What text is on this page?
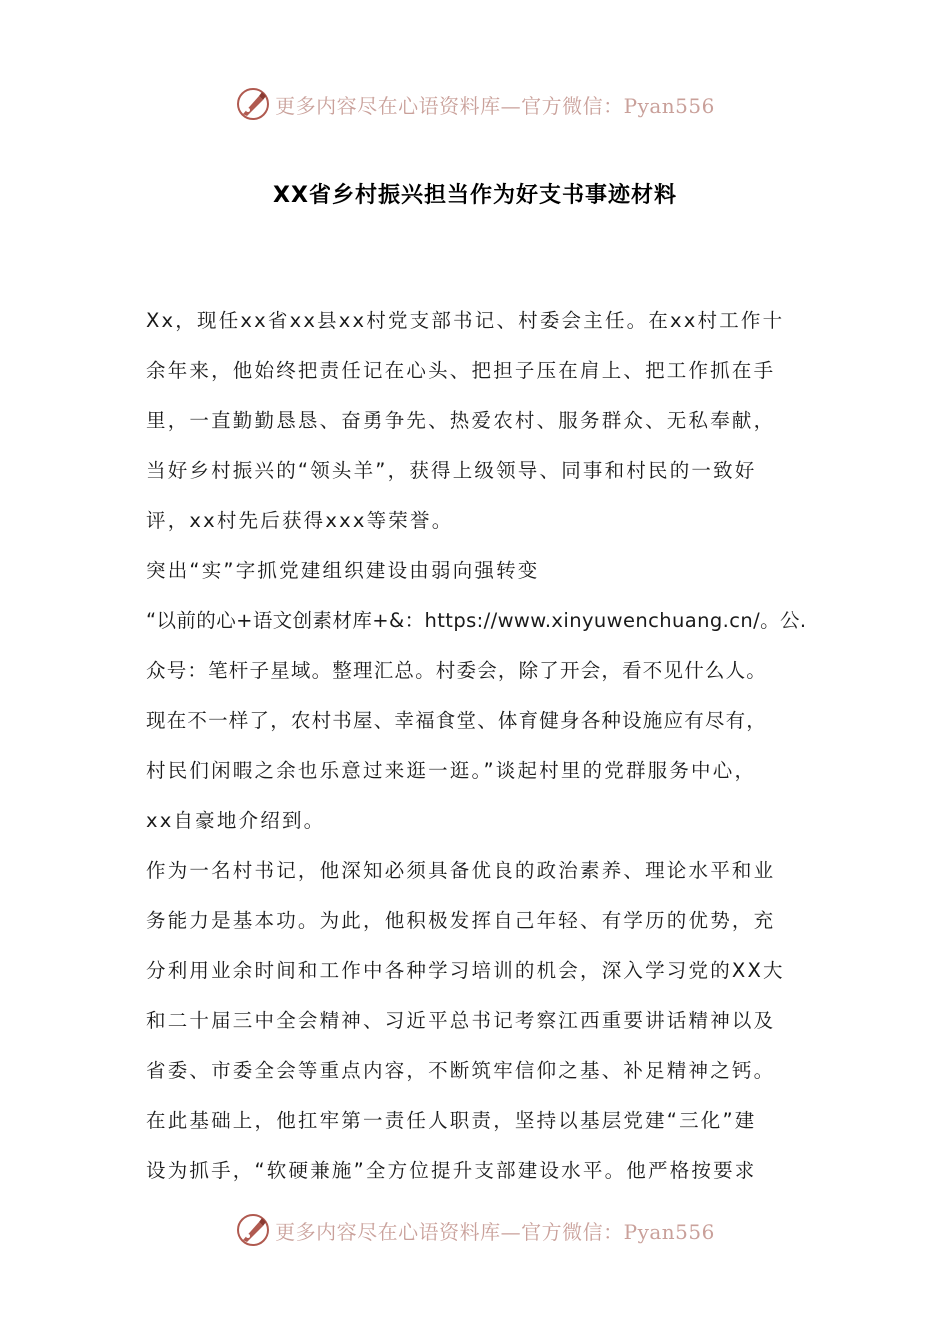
更多内容尽在心语资料库—官方微信：Pyan556
XX省乡村振兴担当作为好支书事迹材料
Xx，现任xx省xx县xx村党支部书记、村委会主任。在xx村工作十
余年来，他始终把责任记在心头、把担子压在肩上、把工作抓在手
里，一直勤勤恳恳、奋勇争先、热爱农村、服务群众、无私奉献，
当好乡村振兴的“领头羊”，获得上级领导、同事和村民的一致好
评，xx村先后获得xxx等荣誉。
突出“实”字抓党建组织建设由弱向强转变
“以前的心+语文创素材库+&：https://www.xinyuwenchuang.cn/。公.
众号：笔杆子星域。整理汇总。村委会，除了开会，看不见什么人。
现在不一样了，农村书屋、幸福食堂、体育健身各种设施应有尽有，
村民们闲暇之余也乐意过来逛一逛。”谈起村里的党群服务中心，
xx自豪地介绍到。
作为一名村书记，他深知必须具备优良的政治素养、理论水平和业
务能力是基本功。为此，他积极发挥自己年轻、有学历的优势，充
分利用业余时间和工作中各种学习培训的机会，深入学习党的XX大
和二十届三中全会精神、习近平总书记考察江西重要讲话精神以及
省委、市委全会等重点内容，不断筑牢信仰之基、补足精神之钙。
在此基础上，他扛牢第一责任人职责，坚持以基层党建“三化”建
设为抓手，“软硬兼施”全方位提升支部建设水平。他严格按要求
更多内容尽在心语资料库—官方微信：Pyan556
